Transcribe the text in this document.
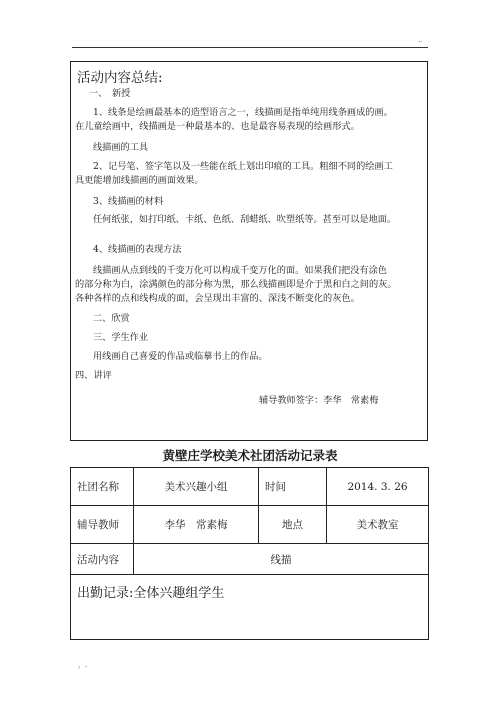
..
活动内容总结:
一、　新授
1、线条是绘画最基本的造型语言之一，线描画是指单纯用线条画成的画。
在儿童绘画中，线描画是一种最基本的、也是最容易表现的绘画形式。
线描画的工具
2、记号笔、签字笔以及一些能在纸上划出印痕的工具。粗细不同的绘画工
具更能增加线描画的画面效果。
3、线描画的材料
任何纸张，如打印纸、卡纸、色纸、刮蜡纸、吹塑纸等。甚至可以是地面。
4、线描画的表现方法
线描画从点到线的千变万化可以构成千变万化的面。如果我们把没有涂色
的部分称为白，涂满颜色的部分称为黑，那么线描画即是介于黑和白之间的灰。
各种各样的点和线构成的面，会呈现出丰富的、深浅不断变化的灰色。
二、欣赏
三、学生作业
用线画自己喜爱的作品或临摹书上的作品。
四、讲评
辅导教师签字：李华　常素梅
黄壁庄学校美术社团活动记录表
社团名称	美术兴趣小组	时间	2014. 3. 26
辅导教师	李华　常素梅	地点	美术教室
活动内容	线描		
出勤记录:全体兴趣组学生			
，.
